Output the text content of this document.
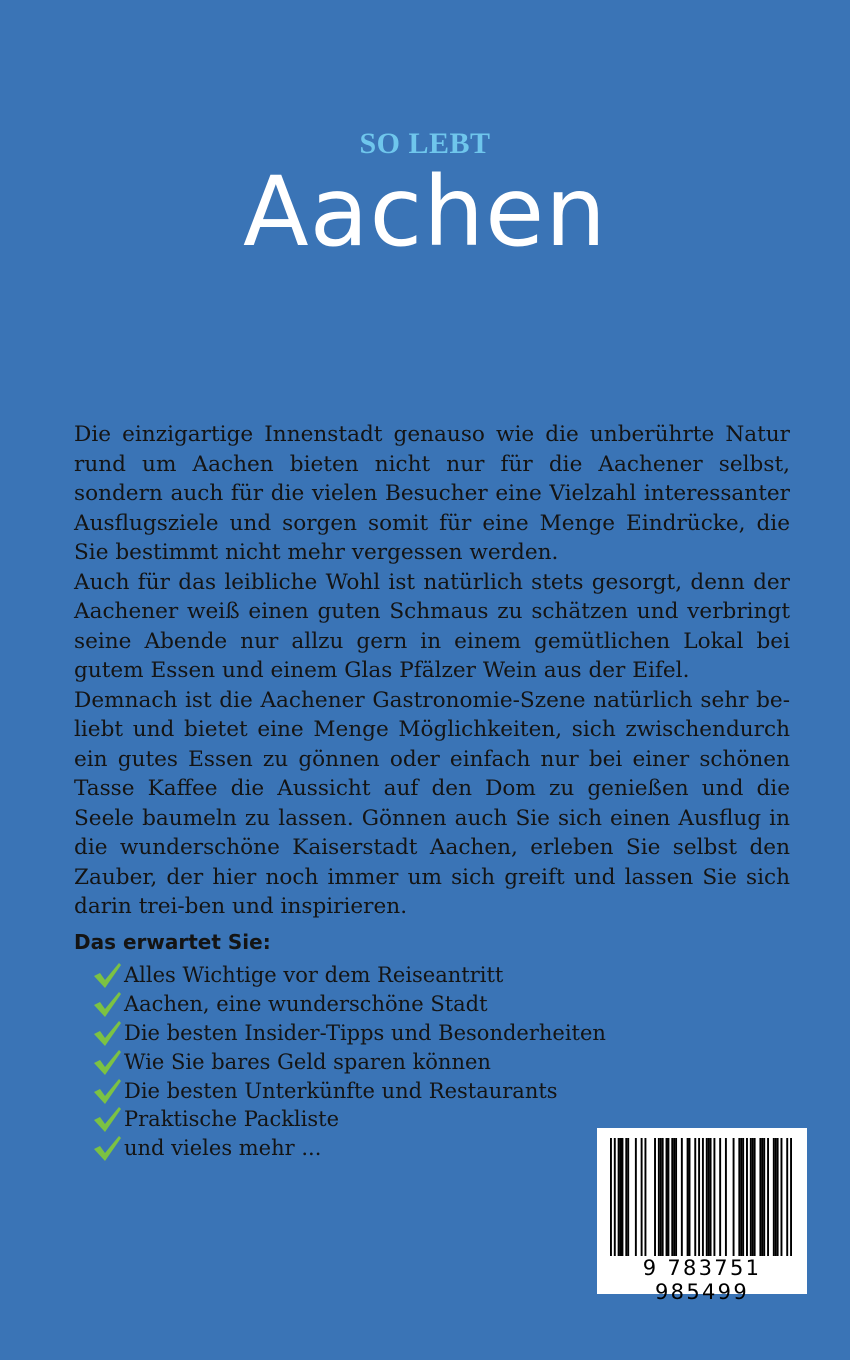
SO LEBT
Aachen

Die einzigartige Innenstadt genauso wie die unberührte Natur rund um Aachen bieten nicht nur für die Aachener selbst, sondern auch für die vielen Besucher eine Vielzahl interessanter Ausflugsziele und sorgen somit für eine Menge Eindrücke, die Sie bestimmt nicht mehr vergessen werden.

Auch für das leibliche Wohl ist natürlich stets gesorgt, denn der Aachener weiß einen guten Schmaus zu schätzen und verbringt seine Abende nur allzu gern in einem gemütlichen Lokal bei gutem Essen und einem Glas Pfälzer Wein aus der Eifel.

Demnach ist die Aachener Gastronomie-Szene natürlich sehr beliebt und bietet eine Menge Möglichkeiten, sich zwischendurch ein gutes Essen zu gönnen oder einfach nur bei einer schönen Tasse Kaffee die Aussicht auf den Dom zu genießen und die Seele baumeln zu lassen. Gönnen auch Sie sich einen Ausflug in die wunderschöne Kaiserstadt Aachen, erleben Sie selbst den Zauber, der hier noch immer um sich greift und lassen Sie sich darin trei-ben und inspirieren.

Das erwartet Sie:
Alles Wichtige vor dem Reiseantritt
Aachen, eine wunderschöne Stadt
Die besten Insider-Tipps und Besonderheiten
Wie Sie bares Geld sparen können
Die besten Unterkünfte und Restaurants
Praktische Packliste
und vieles mehr ...
9 783751 985499
